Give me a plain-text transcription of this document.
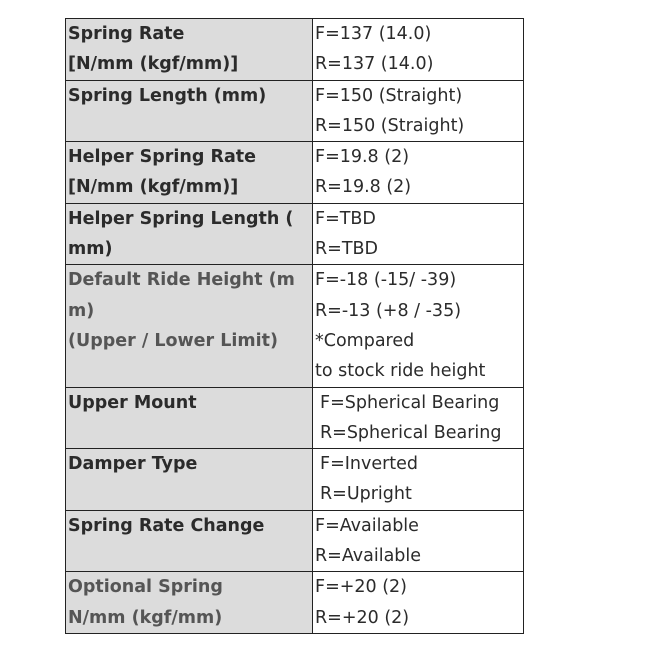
Spring Rate
[N/mm (kgf/mm)]	F=137 (14.0)
R=137 (14.0)

Spring Length (mm)	F=150 (Straight)
R=150 (Straight)

Helper Spring Rate
[N/mm (kgf/mm)]	F=19.8 (2)
R=19.8 (2)

Helper Spring Length (
mm)	F=TBD
R=TBD

Default Ride Height (m
m)
(Upper / Lower Limit)	F=-18 (-15/ -39)
R=-13 (+8 / -35)
*Compared
to stock ride height

Upper Mount	F=Spherical Bearing
R=Spherical Bearing

Damper Type	F=Inverted
R=Upright

Spring Rate Change	F=Available
R=Available

Optional Spring
N/mm (kgf/mm)	F=+20 (2)
R=+20 (2)
